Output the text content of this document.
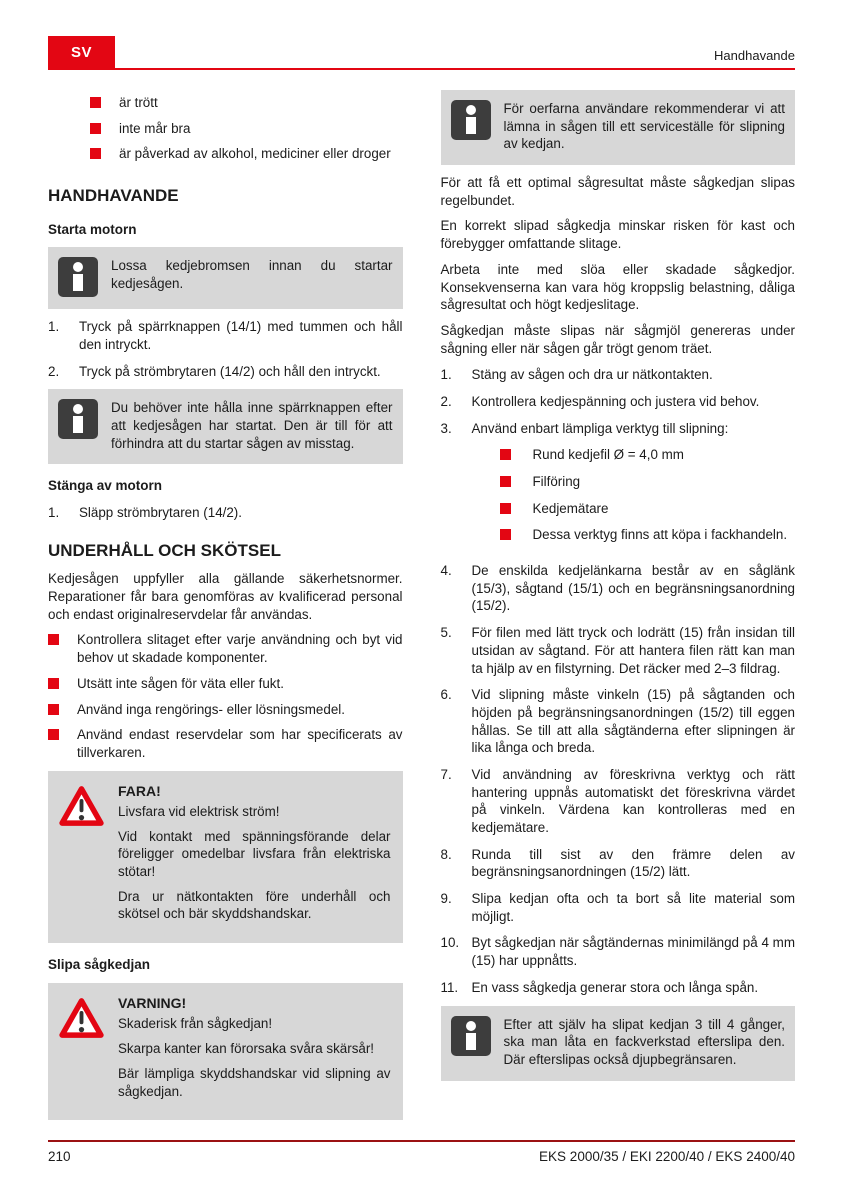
SV	Handhavande
är trött
inte mår bra
är påverkad av alkohol, mediciner eller droger
HANDHAVANDE
Starta motorn
Lossa kedjebromsen innan du startar kedjesågen.
1.	Tryck på spärrknappen (14/1) med tummen och håll den intryckt.
2.	Tryck på strömbrytaren (14/2) och håll den intryckt.
Du behöver inte hålla inne spärrknappen efter att kedjesågen har startat. Den är till för att förhindra att du startar sågen av misstag.
Stänga av motorn
1.	Släpp strömbrytaren (14/2).
UNDERHÅLL OCH SKÖTSEL

Kedjesågen uppfyller alla gällande säkerhetsnormer. Reparationer får bara genomföras av kvalificerad personal och endast originalreservdelar får användas.

Kontrollera slitaget efter varje användning och byt vid behov ut skadade komponenter.
Utsätt inte sågen för väta eller fukt.
Använd inga rengörings- eller lösningsmedel.
Använd endast reservdelar som har specificerats av tillverkaren.
FARA!

Livsfara vid elektrisk ström!

Vid kontakt med spänningsförande delar föreligger omedelbar livsfara från elektriska stötar!

Dra ur nätkontakten före underhåll och skötsel och bär skyddshandskar.

Slipa sågkedjan
VARNING!

Skaderisk från sågkedjan!

Skarpa kanter kan förorsaka svåra skärsår!

Bär lämpliga skyddshandskar vid slipning av sågkedjan.

För oerfarna användare rekommenderar vi att lämna in sågen till ett serviceställe för slipning av kedjan.

För att få ett optimal sågresultat måste sågkedjan slipas regelbundet.

En korrekt slipad sågkedja minskar risken för kast och förebygger omfattande slitage.

Arbeta inte med slöa eller skadade sågkedjor. Konsekvenserna kan vara hög kroppslig belastning, dåliga sågresultat och högt kedjeslitage.

Sågkedjan måste slipas när sågmjöl genereras under sågning eller när sågen går trögt genom träet.

1.	Stäng av sågen och dra ur nätkontakten.
2.	Kontrollera kedjespänning och justera vid behov.
3.	Använd enbart lämpliga verktyg till slipning:
Rund kedjefil Ø = 4,0 mm
Filföring
Kedjemätare
Dessa verktyg finns att köpa i fackhandeln.
4.	De enskilda kedjelänkarna består av en såglänk (15/3), sågtand (15/1) och en begränsningsanordning (15/2).
5.	För filen med lätt tryck och lodrätt (15) från insidan till utsidan av sågtand. För att hantera filen rätt kan man ta hjälp av en filstyrning. Det räcker med 2–3 fildrag.
6.	Vid slipning måste vinkeln (15) på sågtanden och höjden på begränsningsanordningen (15/2) till eggen hållas. Se till att alla sågtänderna efter slipningen är lika långa och breda.
7.	Vid användning av föreskrivna verktyg och rätt hantering uppnås automatiskt det föreskrivna värdet på vinkeln. Värdena kan kontrolleras med en kedjemätare.
8.	Runda till sist av den främre delen av begränsningsanordningen (15/2) lätt.
9.	Slipa kedjan ofta och ta bort så lite material som möjligt.
10. Byt sågkedjan när sågtändernas minimilängd på 4 mm (15) har uppnåtts.
11. En vass sågkedja generar stora och långa spån.
Efter att själv ha slipat kedjan 3 till 4 gånger, ska man låta en fackverkstad efterslipa den. Där efterslipas också djupbegränsaren.
210	EKS 2000/35 / EKI 2200/40 / EKS 2400/40
